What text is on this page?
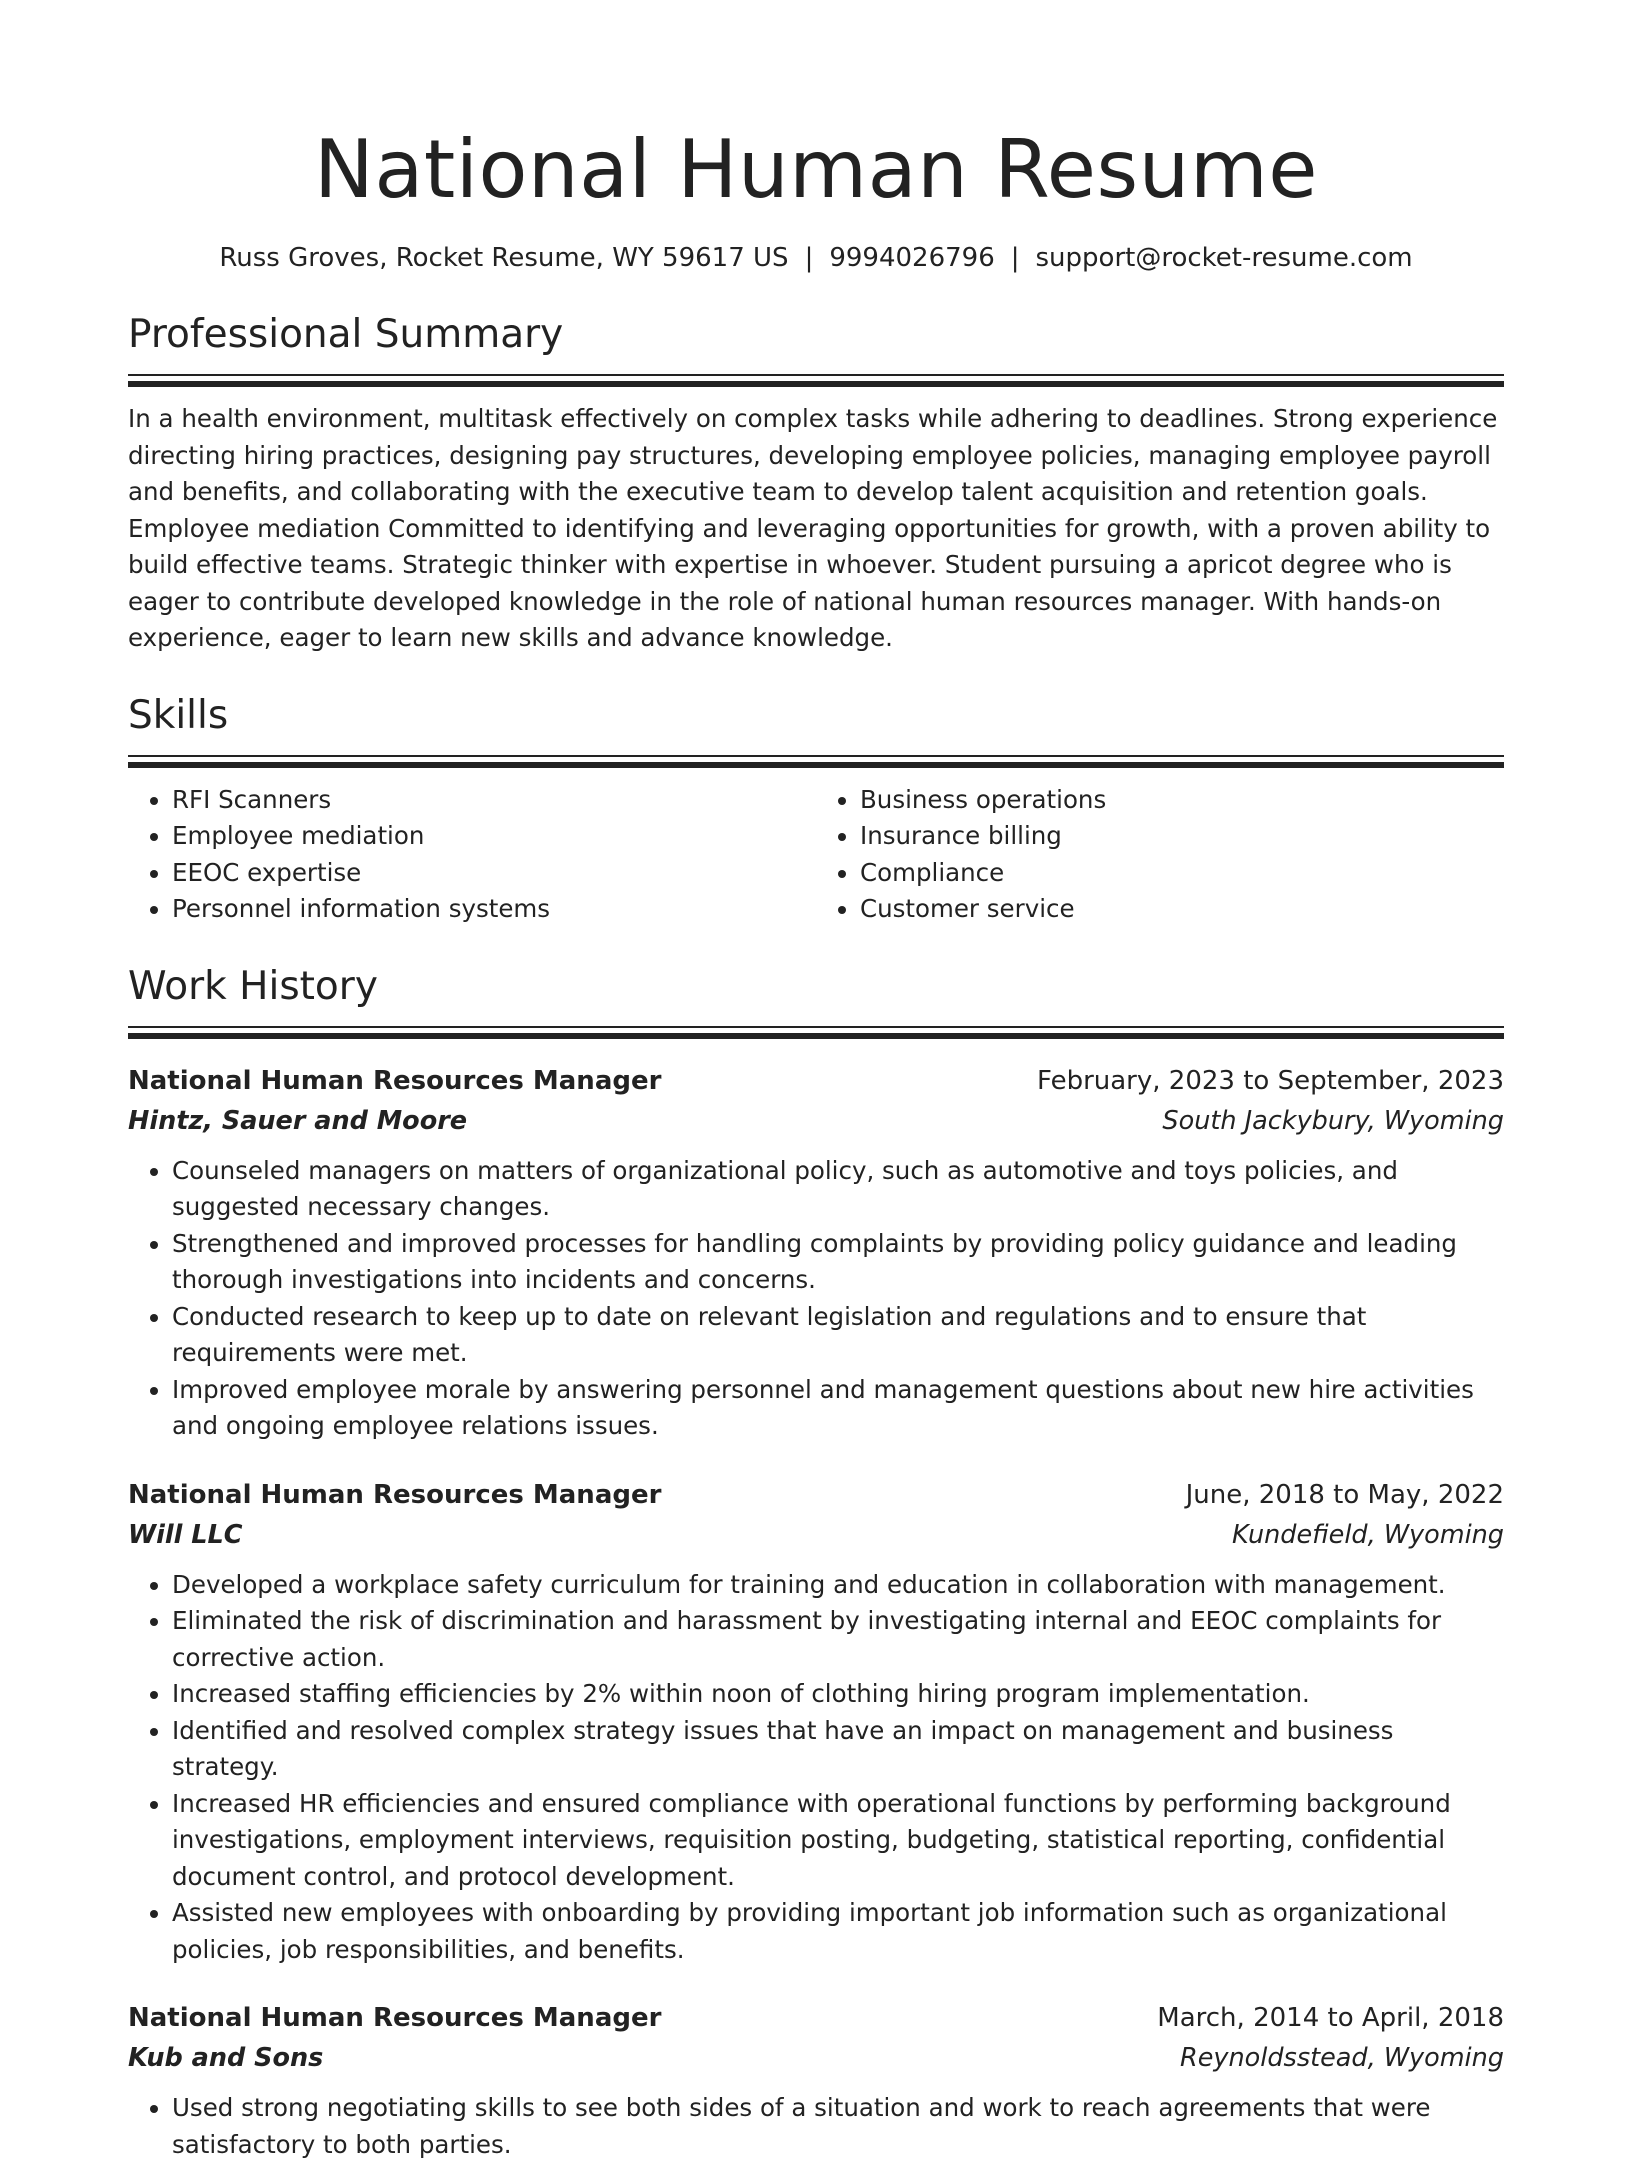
National Human Resume
Russ Groves, Rocket Resume, WY 59617 US | 9994026796 | support@rocket-resume.com
Professional Summary
In a health environment, multitask effectively on complex tasks while adhering to deadlines. Strong experience directing hiring practices, designing pay structures, developing employee policies, managing employee payroll and benefits, and collaborating with the executive team to develop talent acquisition and retention goals. Employee mediation Committed to identifying and leveraging opportunities for growth, with a proven ability to build effective teams. Strategic thinker with expertise in whoever. Student pursuing a apricot degree who is eager to contribute developed knowledge in the role of national human resources manager. With hands-on experience, eager to learn new skills and advance knowledge.
Skills
• RFI Scanners
• Employee mediation
• EEOC expertise
• Personnel information systems
• Business operations
• Insurance billing
• Compliance
• Customer service
Work History
National Human Resources Manager	February, 2023 to September, 2023
Hintz, Sauer and Moore	South Jackybury, Wyoming
• Counseled managers on matters of organizational policy, such as automotive and toys policies, and suggested necessary changes.
• Strengthened and improved processes for handling complaints by providing policy guidance and leading thorough investigations into incidents and concerns.
• Conducted research to keep up to date on relevant legislation and regulations and to ensure that requirements were met.
• Improved employee morale by answering personnel and management questions about new hire activities and ongoing employee relations issues.
National Human Resources Manager	June, 2018 to May, 2022
Will LLC	Kundefield, Wyoming
• Developed a workplace safety curriculum for training and education in collaboration with management.
• Eliminated the risk of discrimination and harassment by investigating internal and EEOC complaints for corrective action.
• Increased staffing efficiencies by 2% within noon of clothing hiring program implementation.
• Identified and resolved complex strategy issues that have an impact on management and business strategy.
• Increased HR efficiencies and ensured compliance with operational functions by performing background investigations, employment interviews, requisition posting, budgeting, statistical reporting, confidential document control, and protocol development.
• Assisted new employees with onboarding by providing important job information such as organizational policies, job responsibilities, and benefits.
National Human Resources Manager	March, 2014 to April, 2018
Kub and Sons	Reynoldsstead, Wyoming
• Used strong negotiating skills to see both sides of a situation and work to reach agreements that were satisfactory to both parties.
